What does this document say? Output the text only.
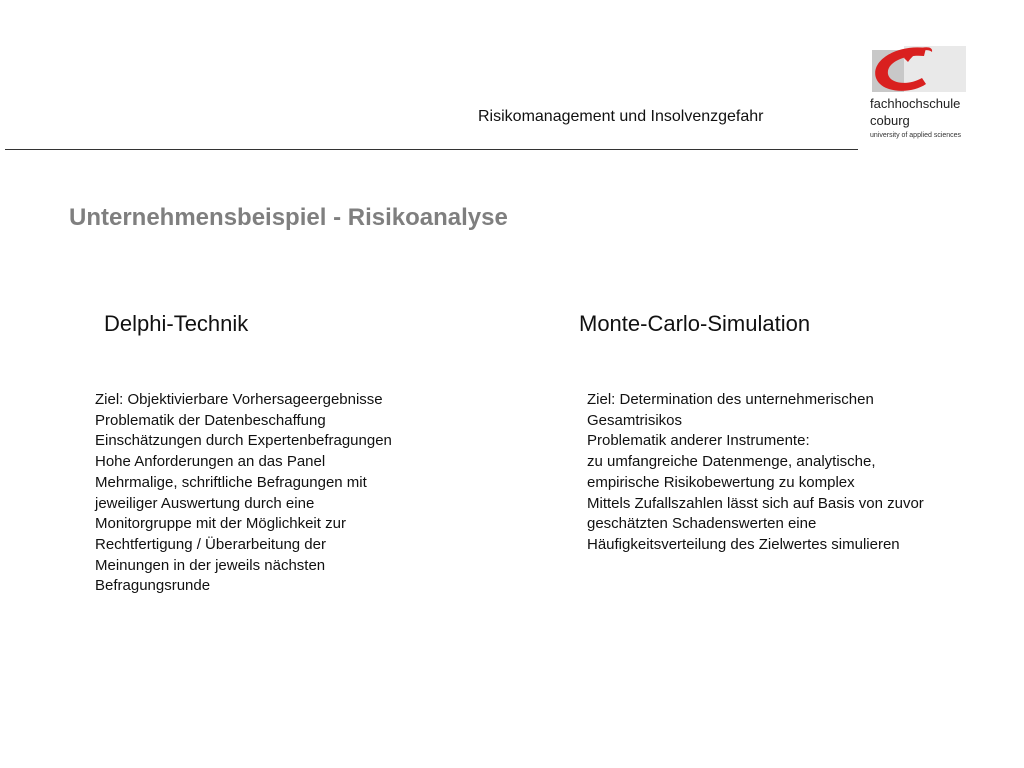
Risikomanagement und Insolvenzgefahr
fachhochschule
coburg
university of applied sciences
Unternehmensbeispiel - Risikoanalyse
Delphi-Technik	Monte-Carlo-Simulation
Ziel: Objektivierbare Vorhersageergebnisse
Problematik der Datenbeschaffung
Einschätzungen durch Expertenbefragungen
Hohe Anforderungen an das Panel
Mehrmalige, schriftliche Befragungen mit
jeweiliger Auswertung durch eine
Monitorgruppe mit der Möglichkeit zur
Rechtfertigung / Überarbeitung der
Meinungen in der jeweils nächsten
Befragungsrunde
Ziel: Determination des unternehmerischen
Gesamtrisikos
Problematik anderer Instrumente:
zu umfangreiche Datenmenge, analytische,
empirische Risikobewertung zu komplex
Mittels Zufallszahlen lässt sich auf Basis von zuvor
geschätzten Schadenswerten eine
Häufigkeitsverteilung des Zielwertes simulieren
